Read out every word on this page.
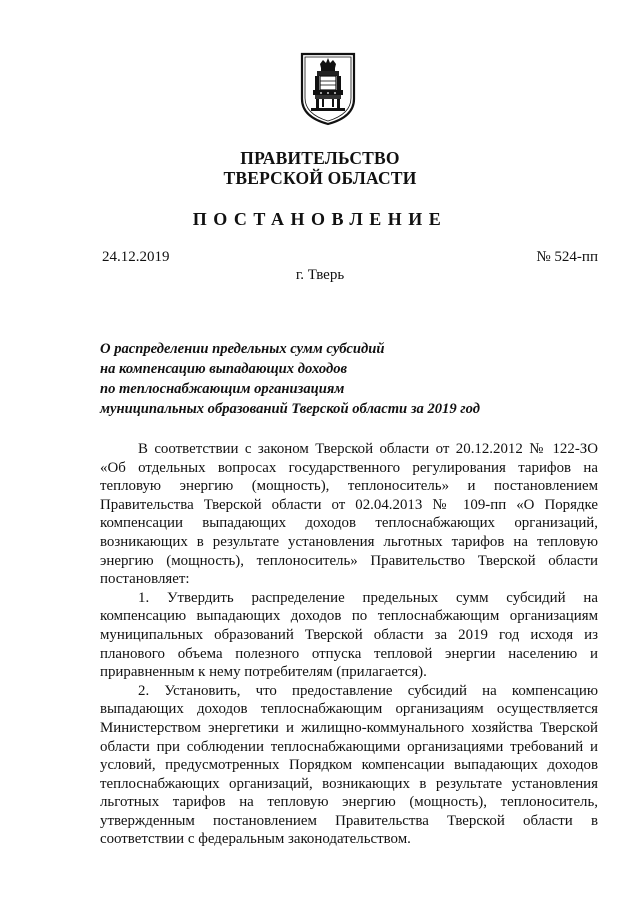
ПРАВИТЕЛЬСТВО
ТВЕРСКОЙ ОБЛАСТИ
ПОСТАНОВЛЕНИЕ
24.12.2019	№ 524-пп
г. Тверь
О распределении предельных сумм субсидий
на компенсацию выпадающих доходов
по теплоснабжающим организациям
муниципальных образований Тверской области за 2019 год

В соответствии с законом Тверской области от 20.12.2012 № 122-ЗО «Об отдельных вопросах государственного регулирования тарифов на тепловую энергию (мощность), теплоноситель» и постановлением Правительства Тверской области от 02.04.2013 № 109-пп «О Порядке компенсации выпадающих доходов теплоснабжающих организаций, возникающих в результате установления льготных тарифов на тепловую энергию (мощность), теплоноситель» Правительство Тверской области постановляет:

1. Утвердить распределение предельных сумм субсидий на компенсацию выпадающих доходов по теплоснабжающим организациям муниципальных образований Тверской области за 2019 год исходя из планового объема полезного отпуска тепловой энергии населению и приравненным к нему потребителям (прилагается).

2. Установить, что предоставление субсидий на компенсацию выпадающих доходов теплоснабжающим организациям осуществляется Министерством энергетики и жилищно-коммунального хозяйства Тверской области при соблюдении теплоснабжающими организациями требований и условий, предусмотренных Порядком компенсации выпадающих доходов теплоснабжающих организаций, возникающих в результате установления льготных тарифов на тепловую энергию (мощность), теплоноситель, утвержденным постановлением Правительства Тверской области в соответствии с федеральным законодательством.
